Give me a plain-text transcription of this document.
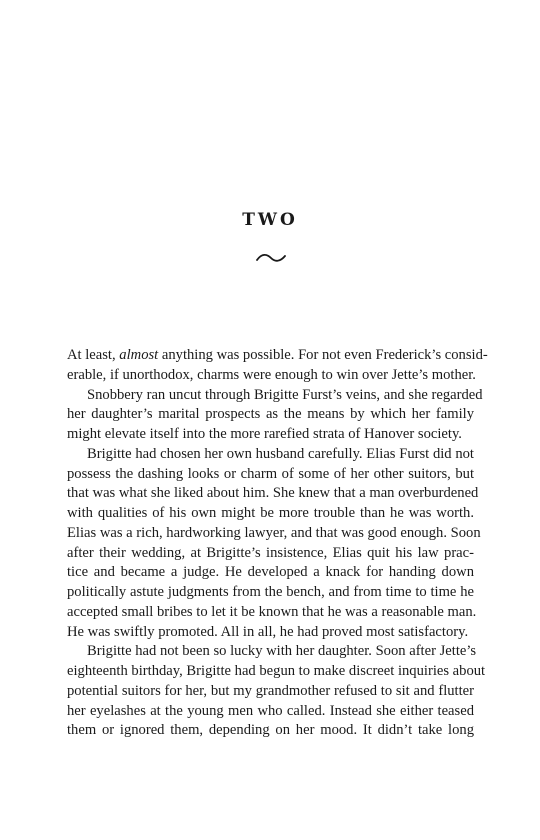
TWO
At least, almost anything was possible. For not even Frederick’s consid-
erable, if unorthodox, charms were enough to win over Jette’s mother.
Snobbery ran uncut through Brigitte Furst’s veins, and she regarded
her daughter’s marital prospects as the means by which her family
might elevate itself into the more rarefied strata of Hanover society.
Brigitte had chosen her own husband carefully. Elias Furst did not
possess the dashing looks or charm of some of her other suitors, but
that was what she liked about him. She knew that a man overburdened
with qualities of his own might be more trouble than he was worth.
Elias was a rich, hardworking lawyer, and that was good enough. Soon
after their wedding, at Brigitte’s insistence, Elias quit his law prac-
tice and became a judge. He developed a knack for handing down
politically astute judgments from the bench, and from time to time he
accepted small bribes to let it be known that he was a reasonable man.
He was swiftly promoted. All in all, he had proved most satisfactory.
Brigitte had not been so lucky with her daughter. Soon after Jette’s
eighteenth birthday, Brigitte had begun to make discreet inquiries about
potential suitors for her, but my grandmother refused to sit and flutter
her eyelashes at the young men who called. Instead she either teased
them or ignored them, depending on her mood. It didn’t take long
